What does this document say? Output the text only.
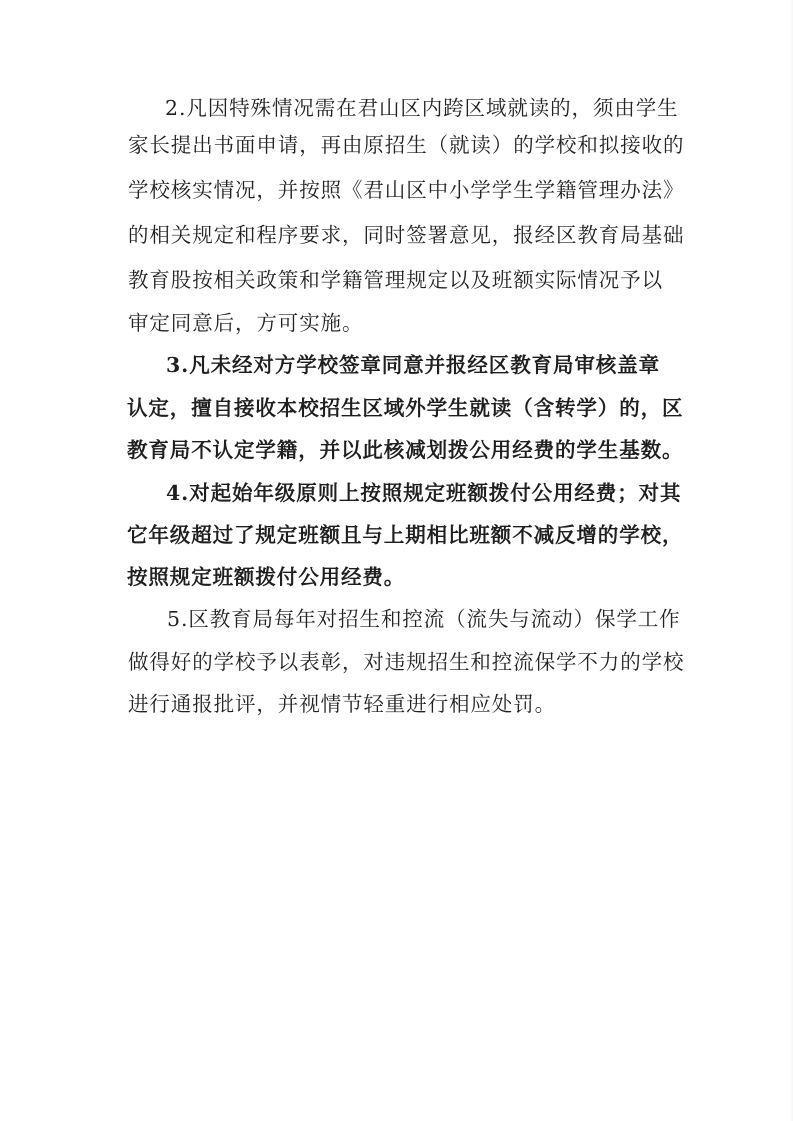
2.凡因特殊情况需在君山区内跨区域就读的，须由学生
家长提出书面申请，再由原招生（就读）的学校和拟接收的
学校核实情况，并按照《君山区中小学学生学籍管理办法》
的相关规定和程序要求，同时签署意见，报经区教育局基础
教育股按相关政策和学籍管理规定以及班额实际情况予以
审定同意后，方可实施。
3.凡未经对方学校签章同意并报经区教育局审核盖章
认定，擅自接收本校招生区域外学生就读（含转学）的，区
教育局不认定学籍，并以此核减划拨公用经费的学生基数。
4.对起始年级原则上按照规定班额拨付公用经费；对其
它年级超过了规定班额且与上期相比班额不减反增的学校，
按照规定班额拨付公用经费。
5.区教育局每年对招生和控流（流失与流动）保学工作
做得好的学校予以表彰，对违规招生和控流保学不力的学校
进行通报批评，并视情节轻重进行相应处罚。
